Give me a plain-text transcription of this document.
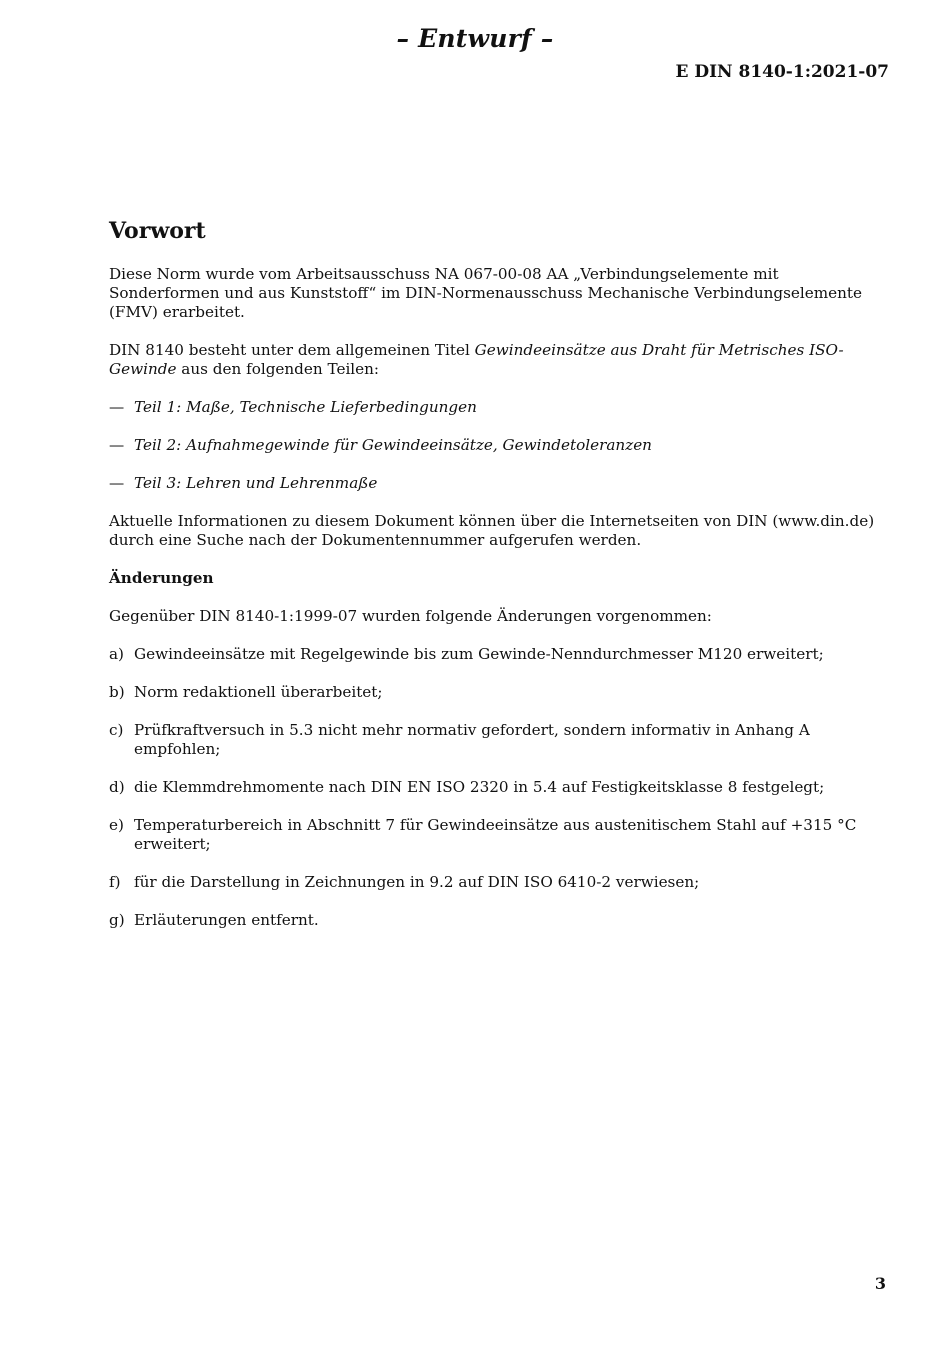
– Entwurf –
E DIN 8140-1:2021-07
Vorwort

Diese Norm wurde vom Arbeitsausschuss NA 067-00-08 AA „Verbindungselemente mit Sonderformen und aus Kunststoff“ im DIN-Normenausschuss Mechanische Verbindungselemente (FMV) erarbeitet.

DIN 8140 besteht unter dem allgemeinen Titel Gewindeeinsätze aus Draht für Metrisches ISO-Gewinde aus den folgenden Teilen:

— Teil 1: Maße, Technische Lieferbedingungen
— Teil 2: Aufnahmegewinde für Gewindeeinsätze, Gewindetoleranzen
— Teil 3: Lehren und Lehrenmaße

Aktuelle Informationen zu diesem Dokument können über die Internetseiten von DIN (www.din.de) durch eine Suche nach der Dokumentennummer aufgerufen werden.

Änderungen

Gegenüber DIN 8140-1:1999-07 wurden folgende Änderungen vorgenommen:

a) Gewindeeinsätze mit Regelgewinde bis zum Gewinde-Nenndurchmesser M120 erweitert;
b) Norm redaktionell überarbeitet;
c) Prüfkraftversuch in 5.3 nicht mehr normativ gefordert, sondern informativ in Anhang A empfohlen;
d) die Klemmdrehmomente nach DIN EN ISO 2320 in 5.4 auf Festigkeitsklasse 8 festgelegt;
e) Temperaturbereich in Abschnitt 7 für Gewindeeinsätze aus austenitischem Stahl auf +315 °C erweitert;
f) für die Darstellung in Zeichnungen in 9.2 auf DIN ISO 6410-2 verwiesen;
g) Erläuterungen entfernt.
3
